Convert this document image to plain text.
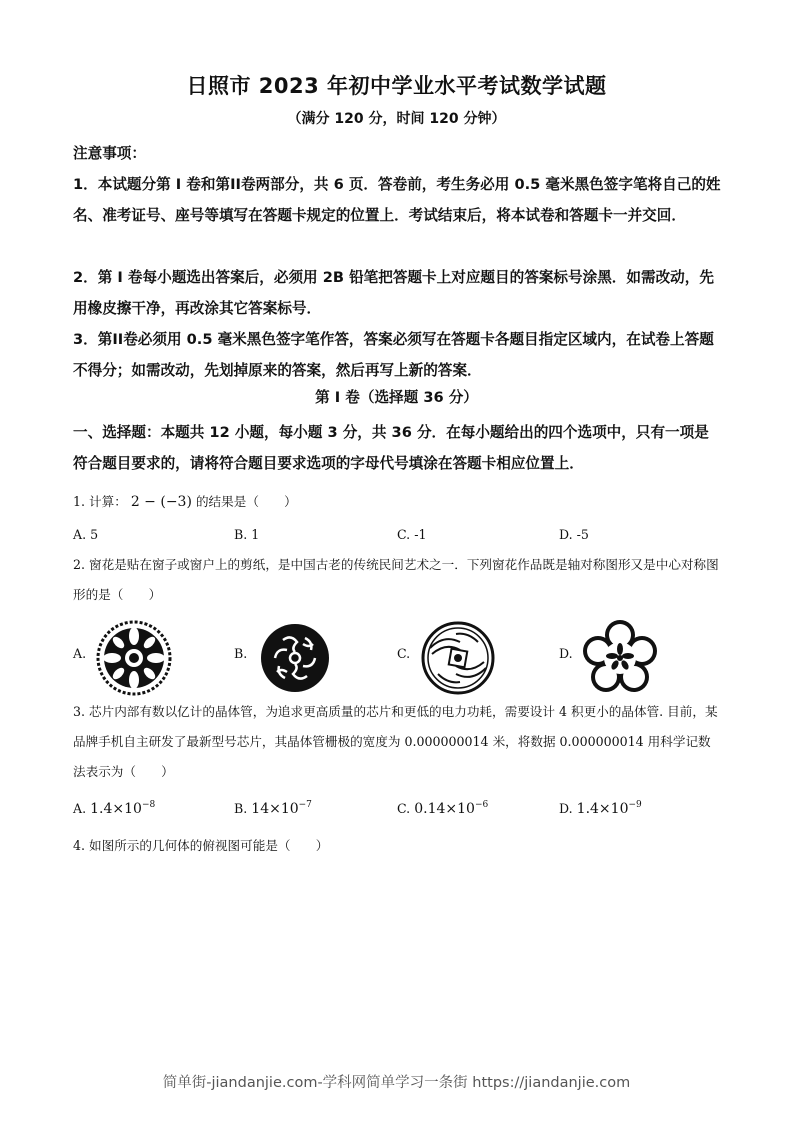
日照市 2023 年初中学业水平考试数学试题
（满分 120 分，时间 120 分钟）

注意事项：

1．本试题分第 I 卷和第II卷两部分，共 6 页．答卷前，考生务必用 0.5 毫米黑色签字笔将自己的姓名、准考证号、座号等填写在答题卡规定的位置上．考试结束后，将本试卷和答题卡一并交回．

2．第 I 卷每小题选出答案后，必须用 2B 铅笔把答题卡上对应题目的答案标号涂黑．如需改动，先用橡皮擦干净，再改涂其它答案标号．

3．第II卷必须用 0.5 毫米黑色签字笔作答，答案必须写在答题卡各题目指定区域内，在试卷上答题不得分；如需改动，先划掉原来的答案，然后再写上新的答案．

第 I 卷（选择题 36 分）

一、选择题：本题共 12 小题，每小题 3 分，共 36 分．在每小题给出的四个选项中，只有一项是符合题目要求的，请将符合题目要求选项的字母代号填涂在答题卡相应位置上．

1. 计算： 2 − (−3) 的结果是（　　）

A. 5	B. 1	C. -1	D. -5

2. 窗花是贴在窗子或窗户上的剪纸，是中国古老的传统民间艺术之一．下列窗花作品既是轴对称图形又是中心对称图形的是（　　）

A.	B.	C.	D.

3. 芯片内部有数以亿计的晶体管，为追求更高质量的芯片和更低的电力功耗，需要设计 4 积更小的晶体管. 目前，某品牌手机自主研发了最新型号芯片，其晶体管栅极的宽度为 0.000000014 米，将数据 0.000000014 用科学记数法表示为（　　）

A. $1.4\times 10^{-8}$	B. $14\times 10^{-7}$	C. $0.14\times 10^{-6}$	D. $1.4\times 10^{-9}$

4. 如图所示的几何体的俯视图可能是（　　）

简单街-jiandanjie.com-学科网简单学习一条街 https://jiandanjie.com
